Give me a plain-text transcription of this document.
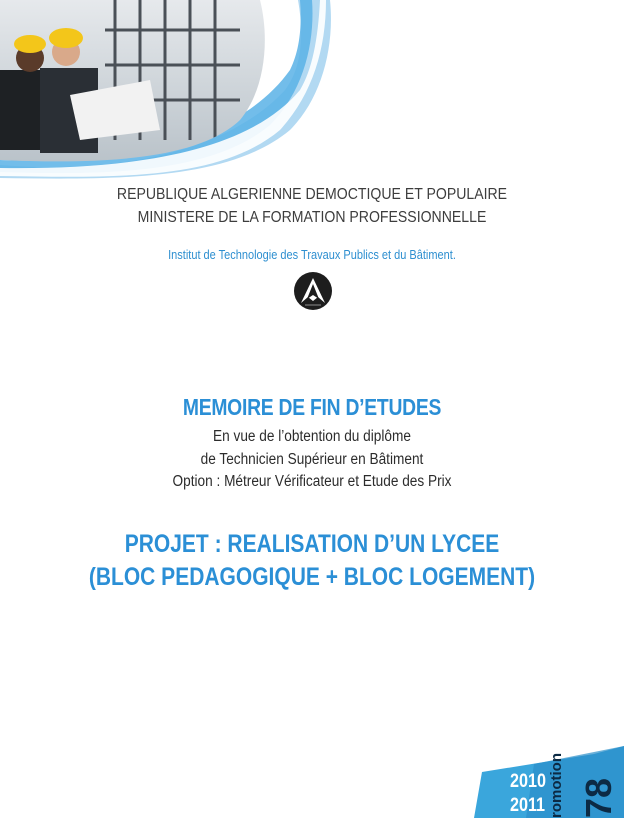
REPUBLIQUE ALGERIENNE DEMOCTIQUE ET POPULAIRE
MINISTERE DE LA FORMATION PROFESSIONNELLE
Institut de Technologie des Travaux Publics et du Bâtiment.
MEMOIRE DE FIN D’ETUDES
En vue de l’obtention du diplôme
de Technicien Supérieur en Bâtiment
Option : Métreur Vérificateur et Etude des Prix
PROJET : REALISATION D’UN LYCEE
(BLOC PEDAGOGIQUE + BLOC LOGEMENT)
2010
2011 romotion 78
